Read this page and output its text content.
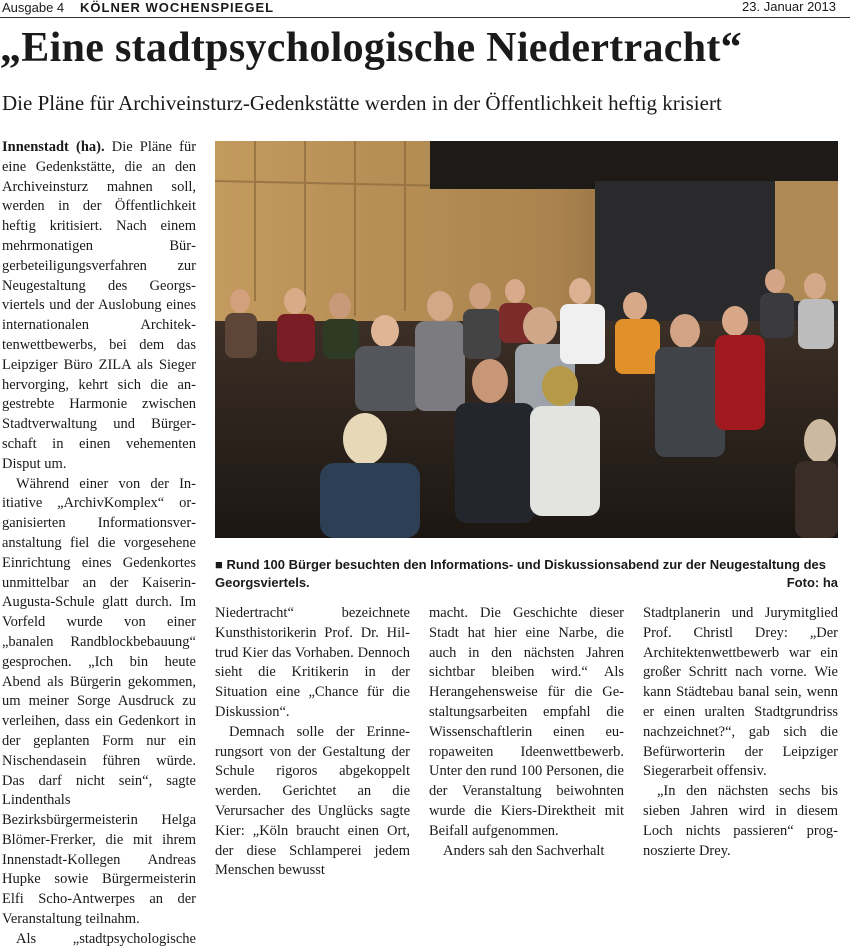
Ausgabe 4 KÖLNER WOCHENSPIEGEL	23. Januar 2013
„Eine stadtpsychologische Niedertracht“
Die Pläne für Archiveinsturz-Gedenkstätte werden in der Öffentlichkeit heftig krisiert

Innenstadt (ha). Die Pläne für eine Gedenkstätte, die an den Archiveinsturz mahnen soll, werden in der Öffentlichkeit heftig kritisiert. Nach einem mehrmonatigen Bürgerbeteiligungsverfahren zur Neugestaltung des Georgsviertels und der Auslobung eines internationalen Architektenwettbewerbs, bei dem das Leipziger Büro ZILA als Sieger hervorging, kehrt sich die angestrebte Harmonie zwischen Stadtverwaltung und Bürgerschaft in einen vehementen Disput um.

Während einer von der Initiative „ArchivKomplex“ organisierten Informationsveranstaltung fiel die vorgesehene Einrichtung eines Gedenkortes unmittelbar an der Kaiserin-Augusta-Schule glatt durch. Im Vorfeld wurde von einer „banalen Randblockbebauung“ gesprochen. „Ich bin heute Abend als Bürgerin gekommen, um meiner Sorge Ausdruck zu verleihen, dass ein Gedenkort in der geplanten Form nur ein Nischendasein führen würde. Das darf nicht sein“, sagte Lindenthals Bezirksbürgermeisterin Helga Blömer-Frerker, die mit ihrem Innenstadt-Kollegen Andreas Hupke sowie Bürgermeisterin Elfi Scho-Antwerpes an der Veranstaltung teilnahm.

Als „stadtpsychologische

■ Rund 100 Bürger besuchten den Informations- und Diskussionsabend zur der Neugestaltung des Georgsviertels.	Foto: ha

Niedertracht“ bezeichnete Kunsthistorikerin Prof. Dr. Hiltrud Kier das Vorhaben. Dennoch sieht die Kritikerin in der Situation eine „Chance für die Diskussion“.

Demnach solle der Erinnerungsort von der Gestaltung der Schule rigoros abgekoppelt werden. Gerichtet an die Verursacher des Unglücks sagte Kier: „Köln braucht einen Ort, der diese Schlamperei jedem Menschen bewusst

macht. Die Geschichte dieser Stadt hat hier eine Narbe, die auch in den nächsten Jahren sichtbar bleiben wird.“ Als Herangehensweise für die Gestaltungsarbeiten empfahl die Wissenschaftlerin einen europaweiten Ideenwettbewerb. Unter den rund 100 Personen, die der Veranstaltung beiwohnten wurde die Kiers-Direktheit mit Beifall aufgenommen.

Anders sah den Sachverhalt

Stadtplanerin und Jurymitglied Prof. Christl Drey: „Der Architektenwettbewerb war ein großer Schritt nach vorne. Wie kann Städtebau banal sein, wenn er einen uralten Stadtgrundriss nachzeichnet?“, gab sich die Befürworterin der Leipziger Siegerarbeit offensiv.

„In den nächsten sechs bis sieben Jahren wird in diesem Loch nichts passieren“ prognoszierte Drey.
